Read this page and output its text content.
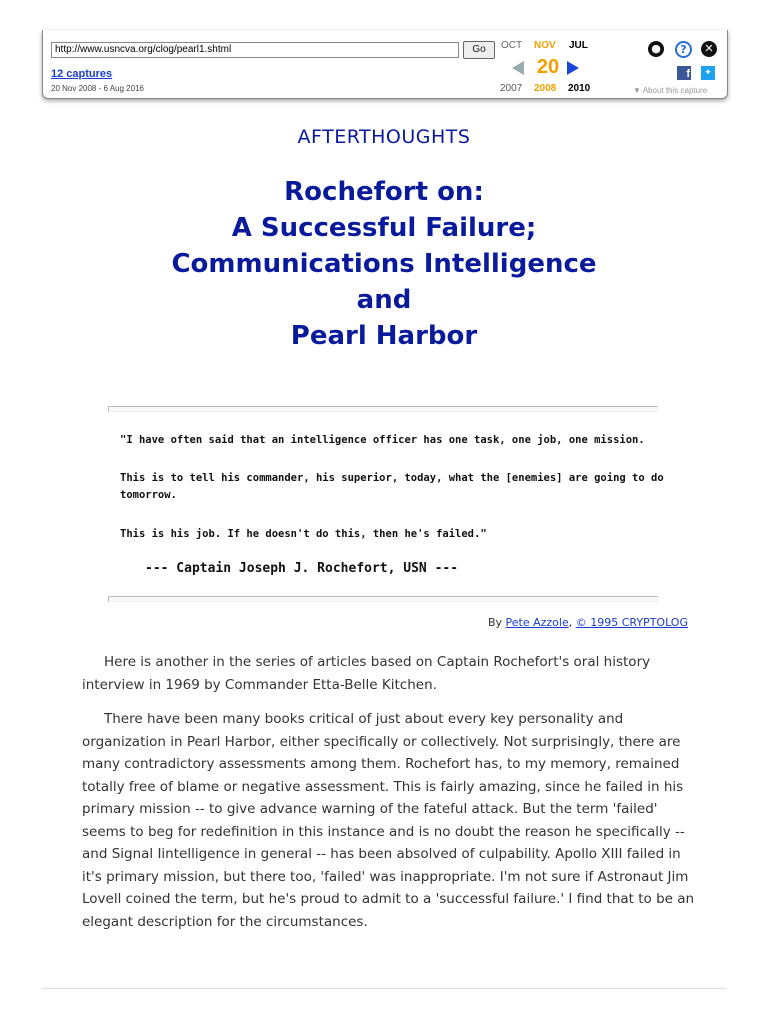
http://www.usncva.org/clog/pearl1.shtml	Go
12 captures
20 Nov 2008 - 6 Aug 2016
OCT NOV JUL
20
2007 2008 2010
●	?	✕
f	✦
▼ About this capture
AFTERTHOUGHTS
Rochefort on:
A Successful Failure;
Communications Intelligence
and
Pearl Harbor
"I have often said that an intelligence officer has one task, one job, one mission.
This is to tell his commander, his superior, today, what the [enemies] are going to do tomorrow.
This is his job. If he doesn't do this, then he's failed."
--- Captain Joseph J. Rochefort, USN ---
By Pete Azzole, © 1995 CRYPTOLOG

Here is another in the series of articles based on Captain Rochefort's oral history interview in 1969 by Commander Etta-Belle Kitchen.

There have been many books critical of just about every key personality and organization in Pearl Harbor, either specifically or collectively. Not surprisingly, there are many contradictory assessments among them. Rochefort has, to my memory, remained totally free of blame or negative assessment. This is fairly amazing, since he failed in his primary mission -- to give advance warning of the fateful attack. But the term 'failed' seems to beg for redefinition in this instance and is no doubt the reason he specifically -- and Signal Iintelligence in general -- has been absolved of culpability. Apollo XIII failed in it's primary mission, but there too, 'failed' was inappropriate. I'm not sure if Astronaut Jim Lovell coined the term, but he's proud to admit to a 'successful failure.' I find that to be an elegant description for the circumstances.
